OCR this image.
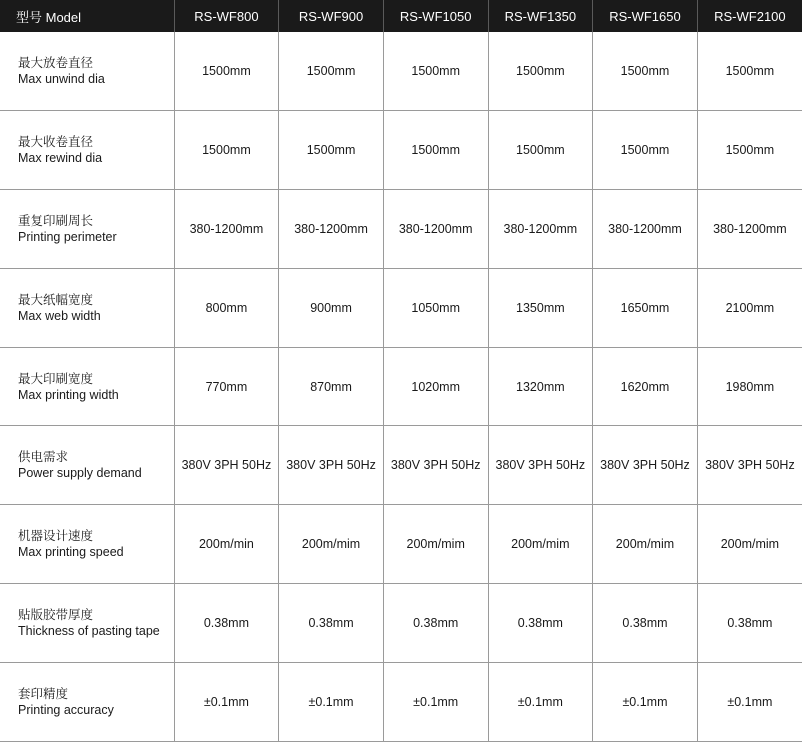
型号 Model	RS-WF800	RS-WF900	RS-WF1050	RS-WF1350	RS-WF1650	RS-WF2100

最大放卷直径
Max unwind dia	1500mm	1500mm	1500mm	1500mm	1500mm	1500mm

最大收卷直径
Max rewind dia	1500mm	1500mm	1500mm	1500mm	1500mm	1500mm

重复印刷周长
Printing perimeter	380-1200mm	380-1200mm	380-1200mm	380-1200mm	380-1200mm	380-1200mm

最大纸幅宽度
Max web width	800mm	900mm	1050mm	1350mm	1650mm	2100mm

最大印刷宽度
Max printing width	770mm	870mm	1020mm	1320mm	1620mm	1980mm

供电需求
Power supply demand	380V 3PH 50Hz	380V 3PH 50Hz	380V 3PH 50Hz	380V 3PH 50Hz	380V 3PH 50Hz	380V 3PH 50Hz

机器设计速度
Max printing speed	200m/min	200m/mim	200m/mim	200m/mim	200m/mim	200m/mim

贴版胶带厚度
Thickness of pasting tape	0.38mm	0.38mm	0.38mm	0.38mm	0.38mm	0.38mm

套印精度
Printing accuracy	±0.1mm	±0.1mm	±0.1mm	±0.1mm	±0.1mm	±0.1mm
